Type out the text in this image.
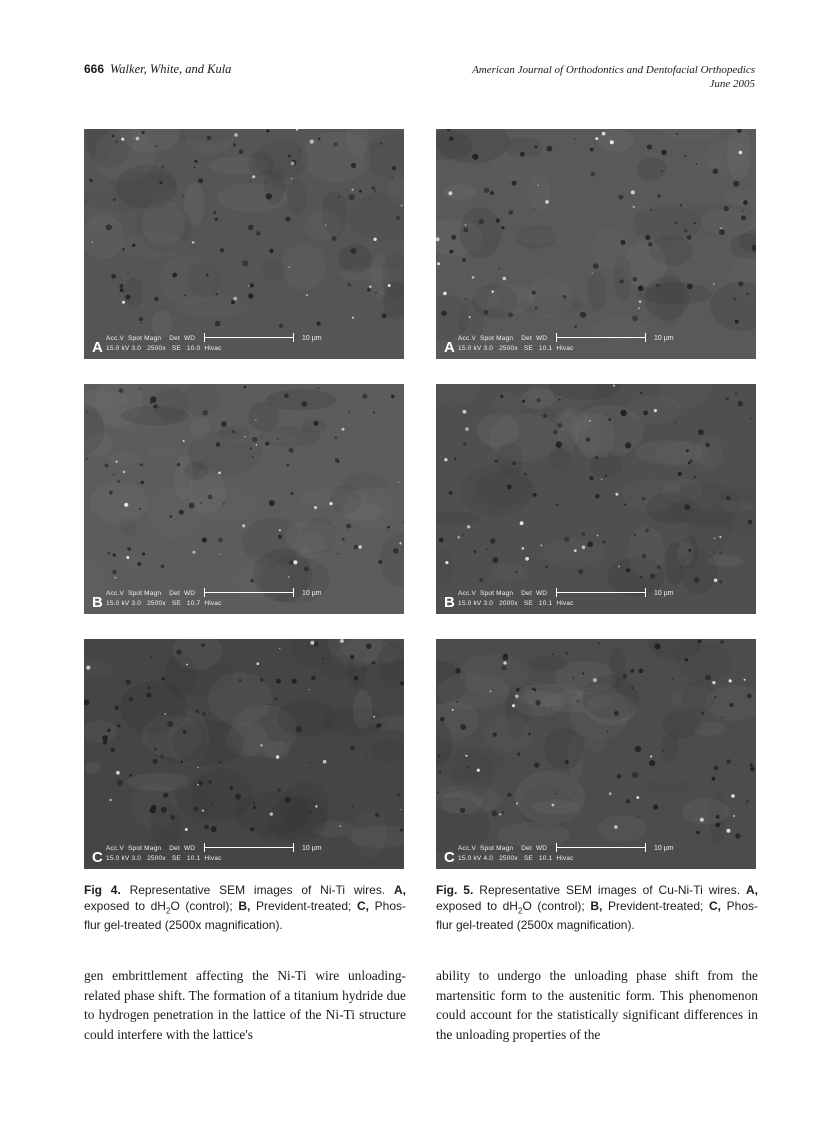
666 Walker, White, and Kula	American Journal of Orthodontics and Dentofacial Orthopedics
June 2005
10 µm
Acc.V  Spot Magn    Det  WD
15.0 kV 3.0   2500x   SE   10.0  Hivac
A
10 µm
Acc.V  Spot Magn    Det  WD
15.0 kV 3.0   2500x   SE   10.7  Hivac
B
10 µm
Acc.V  Spot Magn    Det  WD
15.0 kV 3.0   2500x   SE   10.1  Hivac
C
10 µm
Acc.V  Spot Magn    Det  WD
15.0 kV 3.0   2500x   SE   10.1  Hivac
A
10 µm
Acc.V  Spot Magn    Det  WD
15.0 kV 3.0   2000x   SE   10.1  Hivac
B
10 µm
Acc.V  Spot Magn    Det  WD
15.0 kV 4.0   2500x   SE   10.1  Hivac
C
Fig 4. Representative SEM images of Ni-Ti wires. A, exposed to $dH_2O$ (control); B, Prevident-treated; C, Phos-flur gel-treated (2500x magnification).
Fig. 5. Representative SEM images of Cu-Ni-Ti wires. A, exposed to $dH_2O$ (control); B, Prevident-treated; C, Phos-flur gel-treated (2500x magnification).
gen embrittlement affecting the Ni-Ti wire unloading-related phase shift. The formation of a titanium hydride due to hydrogen penetration in the lattice of the Ni-Ti structure could interfere with the lattice's
ability to undergo the unloading phase shift from the martensitic form to the austenitic form. This phenomenon could account for the statistically significant differences in the unloading properties of the
